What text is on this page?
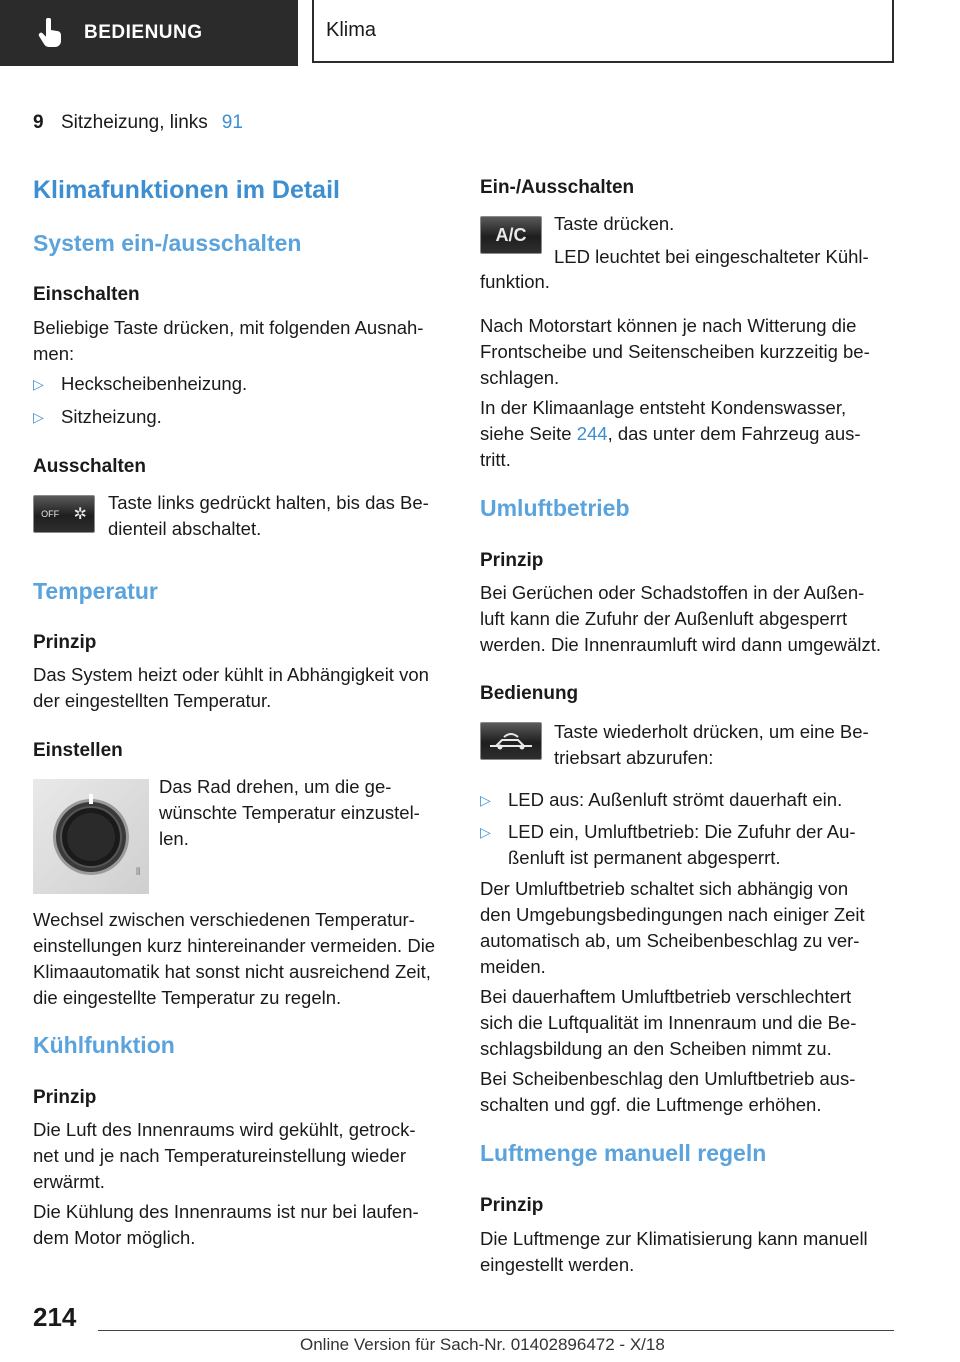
BEDIENUNG	Klima
9 Sitzheizung, links 91
Klimafunktionen im Detail
System ein-/ausschalten
Einschalten
Beliebige Taste drücken, mit folgenden Ausnah-
men:
▷ Heckscheibenheizung.
▷ Sitzheizung.
Ausschalten
OFF ✲
Taste links gedrückt halten, bis das Be-
dienteil abschaltet.
Temperatur
Prinzip
Das System heizt oder kühlt in Abhängigkeit von
der eingestellten Temperatur.
Einstellen
⫴
Das Rad drehen, um die ge-
wünschte Temperatur einzustel-
len.
Wechsel zwischen verschiedenen Temperatur-
einstellungen kurz hintereinander vermeiden. Die
Klimaautomatik hat sonst nicht ausreichend Zeit,
die eingestellte Temperatur zu regeln.
Kühlfunktion
Prinzip
Die Luft des Innenraums wird gekühlt, getrock-
net und je nach Temperatureinstellung wieder
erwärmt.
Die Kühlung des Innenraums ist nur bei laufen-
dem Motor möglich.
Ein-/Ausschalten
A/C
Taste drücken.
LED leuchtet bei eingeschalteter Kühl-
funktion.
Nach Motorstart können je nach Witterung die
Frontscheibe und Seitenscheiben kurzzeitig be-
schlagen.
In der Klimaanlage entsteht Kondenswasser,
siehe Seite 244, das unter dem Fahrzeug aus-
tritt.
Umluftbetrieb
Prinzip
Bei Gerüchen oder Schadstoffen in der Außen-
luft kann die Zufuhr der Außenluft abgesperrt
werden. Die Innenraumluft wird dann umgewälzt.
Bedienung
Taste wiederholt drücken, um eine Be-
triebsart abzurufen:
▷ LED aus: Außenluft strömt dauerhaft ein.
▷ LED ein, Umluftbetrieb: Die Zufuhr der Au-
ßenluft ist permanent abgesperrt.
Der Umluftbetrieb schaltet sich abhängig von
den Umgebungsbedingungen nach einiger Zeit
automatisch ab, um Scheibenbeschlag zu ver-
meiden.
Bei dauerhaftem Umluftbetrieb verschlechtert
sich die Luftqualität im Innenraum und die Be-
schlagsbildung an den Scheiben nimmt zu.
Bei Scheibenbeschlag den Umluftbetrieb aus-
schalten und ggf. die Luftmenge erhöhen.
Luftmenge manuell regeln
Prinzip
Die Luftmenge zur Klimatisierung kann manuell
eingestellt werden.
214
Online Version für Sach-Nr. 01402896472 - X/18
